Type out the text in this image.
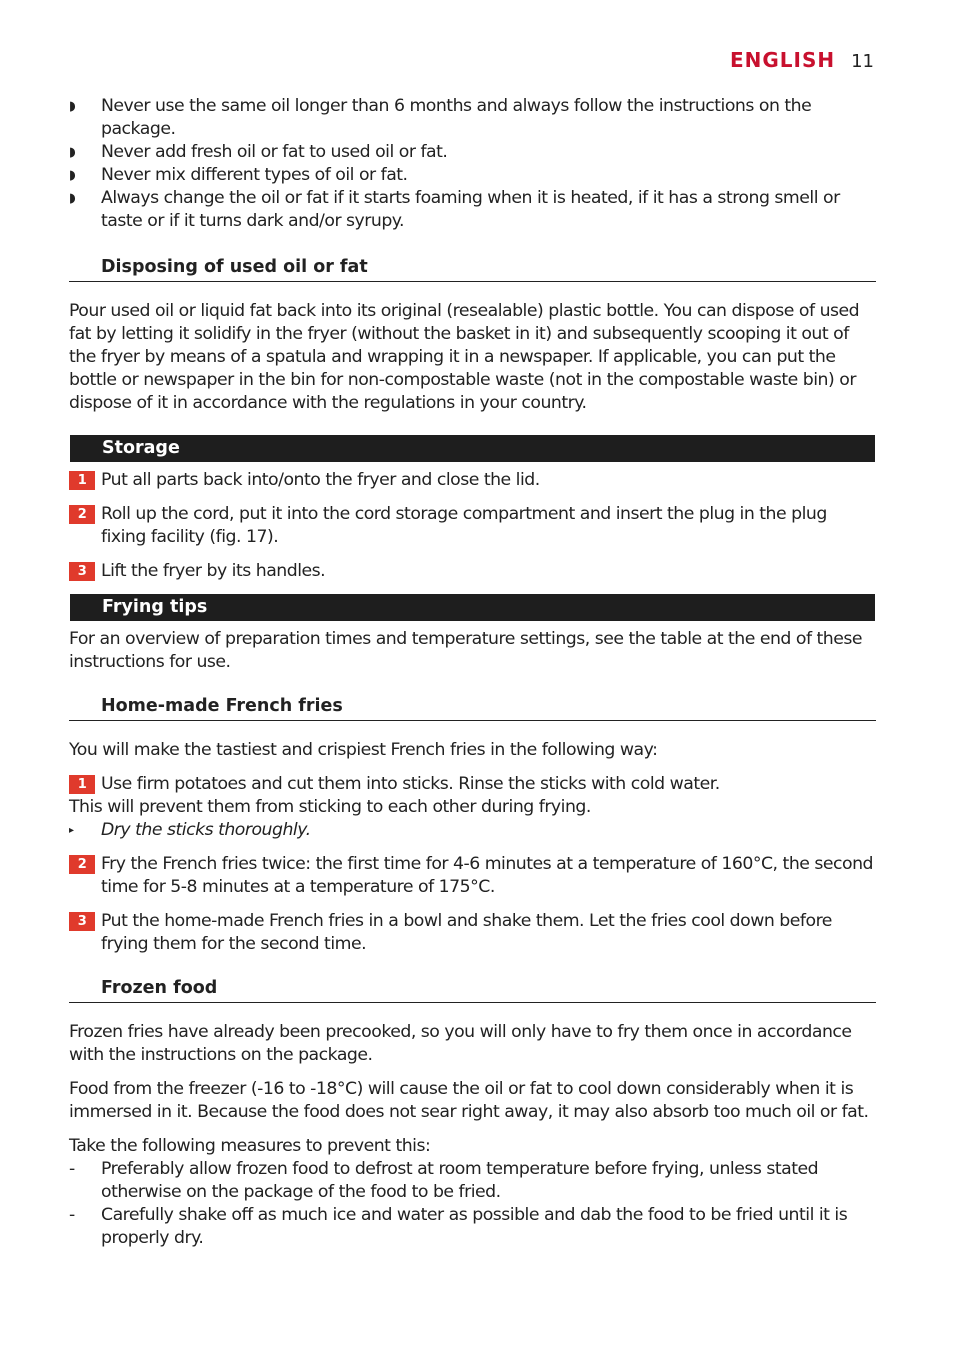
ENGLISH 11
◗	Never use the same oil longer than 6 months and always follow the instructions on the package.
◗	Never add fresh oil or fat to used oil or fat.
◗	Never mix different types of oil or fat.
◗	Always change the oil or fat if it starts foaming when it is heated, if it has a strong smell or taste or if it turns dark and/or syrupy.
Disposing of used oil or fat
Pour used oil or liquid fat back into its original (resealable) plastic bottle. You can dispose of used fat by letting it solidify in the fryer (without the basket in it) and subsequently scooping it out of the fryer by means of a spatula and wrapping it in a newspaper. If applicable, you can put the bottle or newspaper in the bin for non-compostable waste (not in the compostable waste bin) or dispose of it in accordance with the regulations in your country.
Storage
1 Put all parts back into/onto the fryer and close the lid.
2 Roll up the cord, put it into the cord storage compartment and insert the plug in the plug fixing facility (fig. 17).
3 Lift the fryer by its handles.
Frying tips
For an overview of preparation times and temperature settings, see the table at the end of these instructions for use.
Home-made French fries
You will make the tastiest and crispiest French fries in the following way:
1 Use firm potatoes and cut them into sticks. Rinse the sticks with cold water.
This will prevent them from sticking to each other during frying.
▸ Dry the sticks thoroughly.
2 Fry the French fries twice: the first time for 4-6 minutes at a temperature of 160°C, the second time for 5-8 minutes at a temperature of 175°C.
3 Put the home-made French fries in a bowl and shake them. Let the fries cool down before frying them for the second time.
Frozen food
Frozen fries have already been precooked, so you will only have to fry them once in accordance with the instructions on the package.
Food from the freezer (-16 to -18°C) will cause the oil or fat to cool down considerably when it is immersed in it. Because the food does not sear right away, it may also absorb too much oil or fat.
Take the following measures to prevent this:
- Preferably allow frozen food to defrost at room temperature before frying, unless stated otherwise on the package of the food to be fried.
- Carefully shake off as much ice and water as possible and dab the food to be fried until it is properly dry.
